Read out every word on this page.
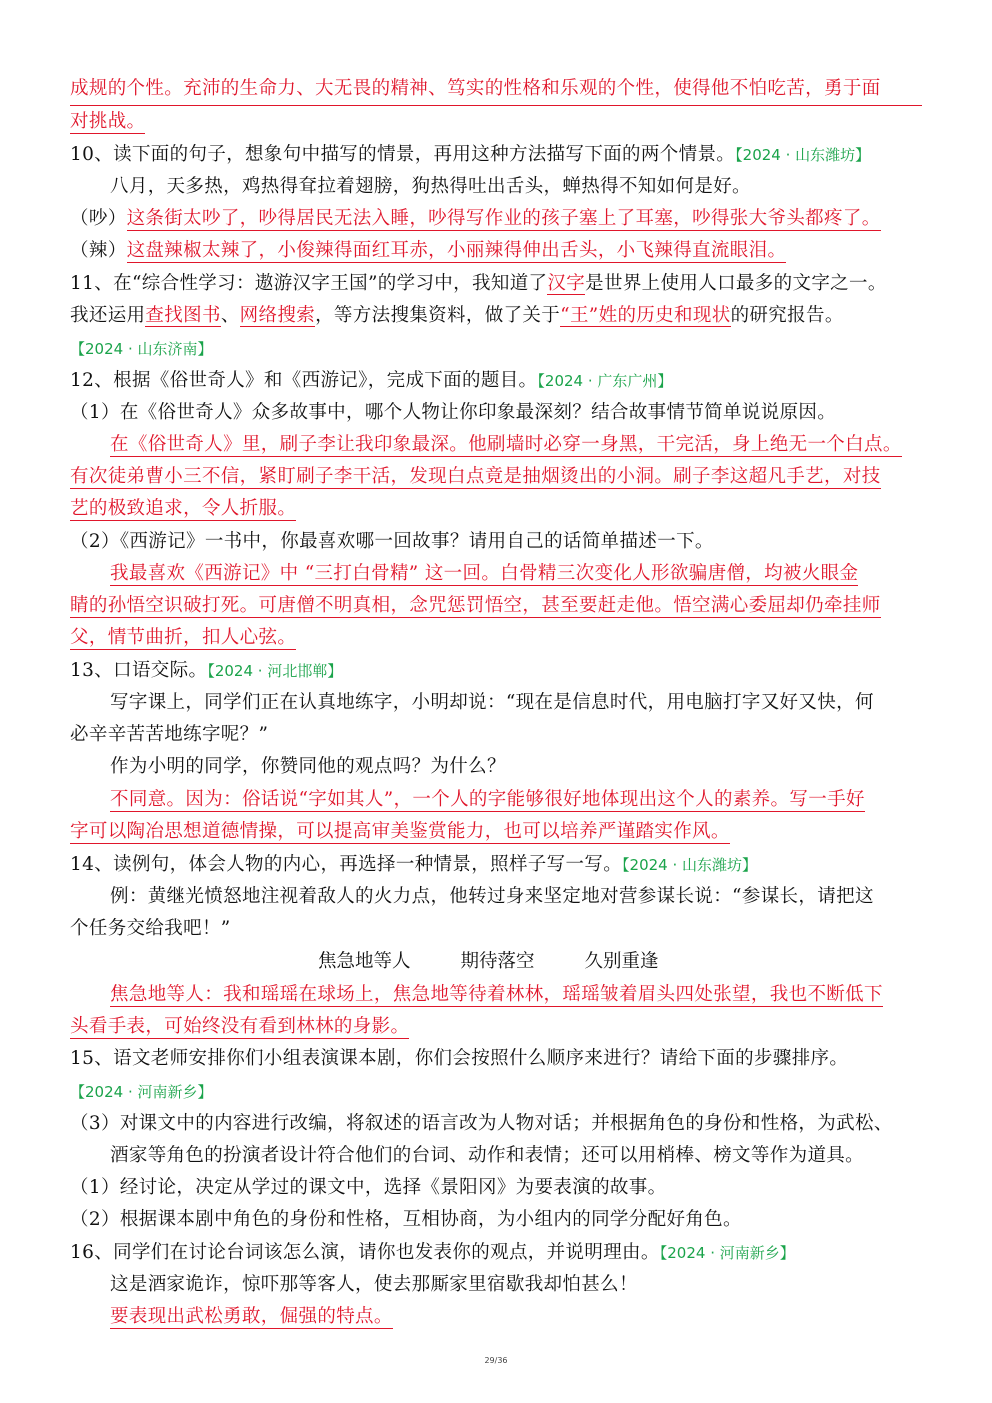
成规的个性。充沛的生命力、大无畏的精神、笃实的性格和乐观的个性，使得他不怕吃苦，勇于面
对挑战。
10、读下面的句子，想象句中描写的情景，再用这种方法描写下面的两个情景。【2024 · 山东潍坊】
八月，天多热，鸡热得耷拉着翅膀，狗热得吐出舌头，蝉热得不知如何是好。
（吵）这条街太吵了，吵得居民无法入睡，吵得写作业的孩子塞上了耳塞，吵得张大爷头都疼了。
（辣）这盘辣椒太辣了，小俊辣得面红耳赤，小丽辣得伸出舌头，小飞辣得直流眼泪。
11、在“综合性学习：遨游汉字王国”的学习中，我知道了汉字是世界上使用人口最多的文字之一。
我还运用查找图书、网络搜索，等方法搜集资料，做了关于“王”姓的历史和现状的研究报告。
【2024 · 山东济南】
12、根据《俗世奇人》和《西游记》，完成下面的题目。【2024 · 广东广州】
（1）在《俗世奇人》众多故事中，哪个人物让你印象最深刻？结合故事情节简单说说原因。
在《俗世奇人》里，刷子李让我印象最深。他刷墙时必穿一身黑，干完活，身上绝无一个白点。
有次徒弟曹小三不信，紧盯刷子李干活，发现白点竟是抽烟烫出的小洞。刷子李这超凡手艺，对技
艺的极致追求，令人折服。
（2）《西游记》一书中，你最喜欢哪一回故事？请用自己的话简单描述一下。
我最喜欢《西游记》中 “三打白骨精” 这一回。白骨精三次变化人形欲骗唐僧，均被火眼金
睛的孙悟空识破打死。可唐僧不明真相，念咒惩罚悟空，甚至要赶走他。悟空满心委屈却仍牵挂师
父，情节曲折，扣人心弦。
13、口语交际。【2024 · 河北邯郸】
写字课上，同学们正在认真地练字，小明却说：“现在是信息时代，用电脑打字又好又快，何
必辛辛苦苦地练字呢？”
作为小明的同学，你赞同他的观点吗？为什么？
不同意。因为：俗话说“字如其人”，一个人的字能够很好地体现出这个人的素养。写一手好
字可以陶冶思想道德情操，可以提高审美鉴赏能力，也可以培养严谨踏实作风。
14、读例句，体会人物的内心，再选择一种情景，照样子写一写。【2024 · 山东潍坊】
例：黄继光愤怒地注视着敌人的火力点，他转过身来坚定地对营参谋长说：“参谋长，请把这
个任务交给我吧！”
焦急地等人	期待落空	久别重逢
焦急地等人：我和瑶瑶在球场上，焦急地等待着林林，瑶瑶皱着眉头四处张望，我也不断低下
头看手表，可始终没有看到林林的身影。
15、语文老师安排你们小组表演课本剧，你们会按照什么顺序来进行？请给下面的步骤排序。
【2024 · 河南新乡】
（3）对课文中的内容进行改编，将叙述的语言改为人物对话；并根据角色的身份和性格，为武松、
酒家等角色的扮演者设计符合他们的台词、动作和表情；还可以用梢棒、榜文等作为道具。
（1）经讨论，决定从学过的课文中，选择《景阳冈》为要表演的故事。
（2）根据课本剧中角色的身份和性格，互相协商，为小组内的同学分配好角色。
16、同学们在讨论台词该怎么演，请你也发表你的观点，并说明理由。【2024 · 河南新乡】
这是酒家诡诈，惊吓那等客人，使去那厮家里宿歇我却怕甚么！
要表现出武松勇敢，倔强的特点。
29/36
